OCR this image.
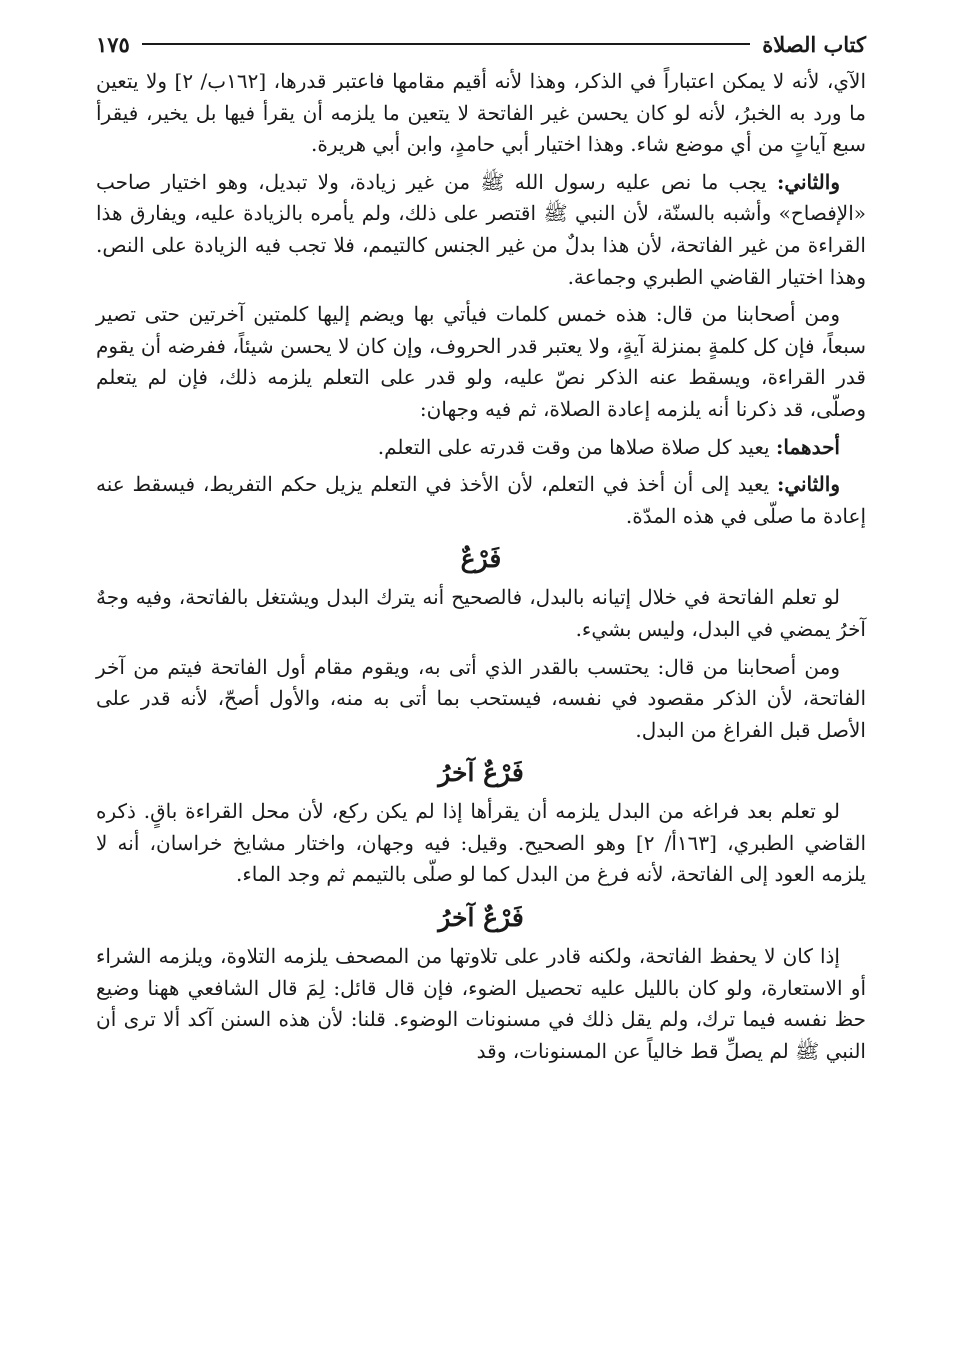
كتاب الصلاة
١٧٥

الآي، لأنه لا يمكن اعتباراً في الذكر، وهذا لأنه أقيم مقامها فاعتبر قدرها، [١٦٢ب/ ٢] ولا يتعين ما ورد به الخبرُ، لأنه لو كان يحسن غير الفاتحة لا يتعين ما يلزمه أن يقرأ فيها بل يخير، فيقرأ سبع آياتٍ من أي موضع شاء. وهذا اختيار أبي حامدٍ، وابن أبي هريرة.

والثاني: يجب ما نص عليه رسول الله ﷺ من غير زيادة، ولا تبديل، وهو اختيار صاحب «الإفصاح» وأشبه بالسنّة، لأن النبي ﷺ اقتصر على ذلك، ولم يأمره بالزيادة عليه، ويفارق هذا القراءة من غير الفاتحة، لأن هذا بدلٌ من غير الجنس كالتيمم، فلا تجب فيه الزيادة على النص. وهذا اختيار القاضي الطبري وجماعة.

ومن أصحابنا من قال: هذه خمس كلمات فيأتي بها ويضم إليها كلمتين آخرتين حتى تصير سبعاً، فإن كل كلمةٍ بمنزلة آيةٍ، ولا يعتبر قدر الحروف، وإن كان لا يحسن شيئاً، ففرضه أن يقوم قدر القراءة، ويسقط عنه الذكر نصّ عليه، ولو قدر على التعلم يلزمه ذلك، فإن لم يتعلم وصلّى، قد ذكرنا أنه يلزمه إعادة الصلاة، ثم فيه وجهان:

أحدهما: يعيد كل صلاة صلاها من وقت قدرته على التعلم.

والثاني: يعيد إلى أن أخذ في التعلم، لأن الأخذ في التعلم يزيل حكم التفريط، فيسقط عنه إعادة ما صلّى في هذه المدّة.

فَرْعٌ

لو تعلم الفاتحة في خلال إتيانه بالبدل، فالصحيح أنه يترك البدل ويشتغل بالفاتحة، وفيه وجهٌ آخرُ يمضي في البدل، وليس بشيء.

ومن أصحابنا من قال: يحتسب بالقدر الذي أتى به، ويقوم مقام أول الفاتحة فيتم من آخر الفاتحة، لأن الذكر مقصود في نفسه، فيستحب بما أتى به منه، والأول أصحّ، لأنه قدر على الأصل قبل الفراغ من البدل.

فَرْعٌ آخرُ

لو تعلم بعد فراغه من البدل يلزمه أن يقرأها إذا لم يكن ركع، لأن محل القراءة باقٍ. ذكره القاضي الطبري، [١٦٣أ/ ٢] وهو الصحيح. وقيل: فيه وجهان، واختار مشايخ خراسان، أنه لا يلزمه العود إلى الفاتحة، لأنه فرغ من البدل كما لو صلّى بالتيمم ثم وجد الماء.

فَرْعٌ آخرُ

إذا كان لا يحفظ الفاتحة، ولكنه قادر على تلاوتها من المصحف يلزمه التلاوة، ويلزمه الشراء أو الاستعارة، ولو كان بالليل عليه تحصيل الضوء، فإن قال قائل: لِمَ قال الشافعي ههنا وضيع حظ نفسه فيما ترك، ولم يقل ذلك في مسنونات الوضوء. قلنا: لأن هذه السنن آكد ألا ترى أن النبي ﷺ لم يصلِّ قط خالياً عن المسنونات، وقد
